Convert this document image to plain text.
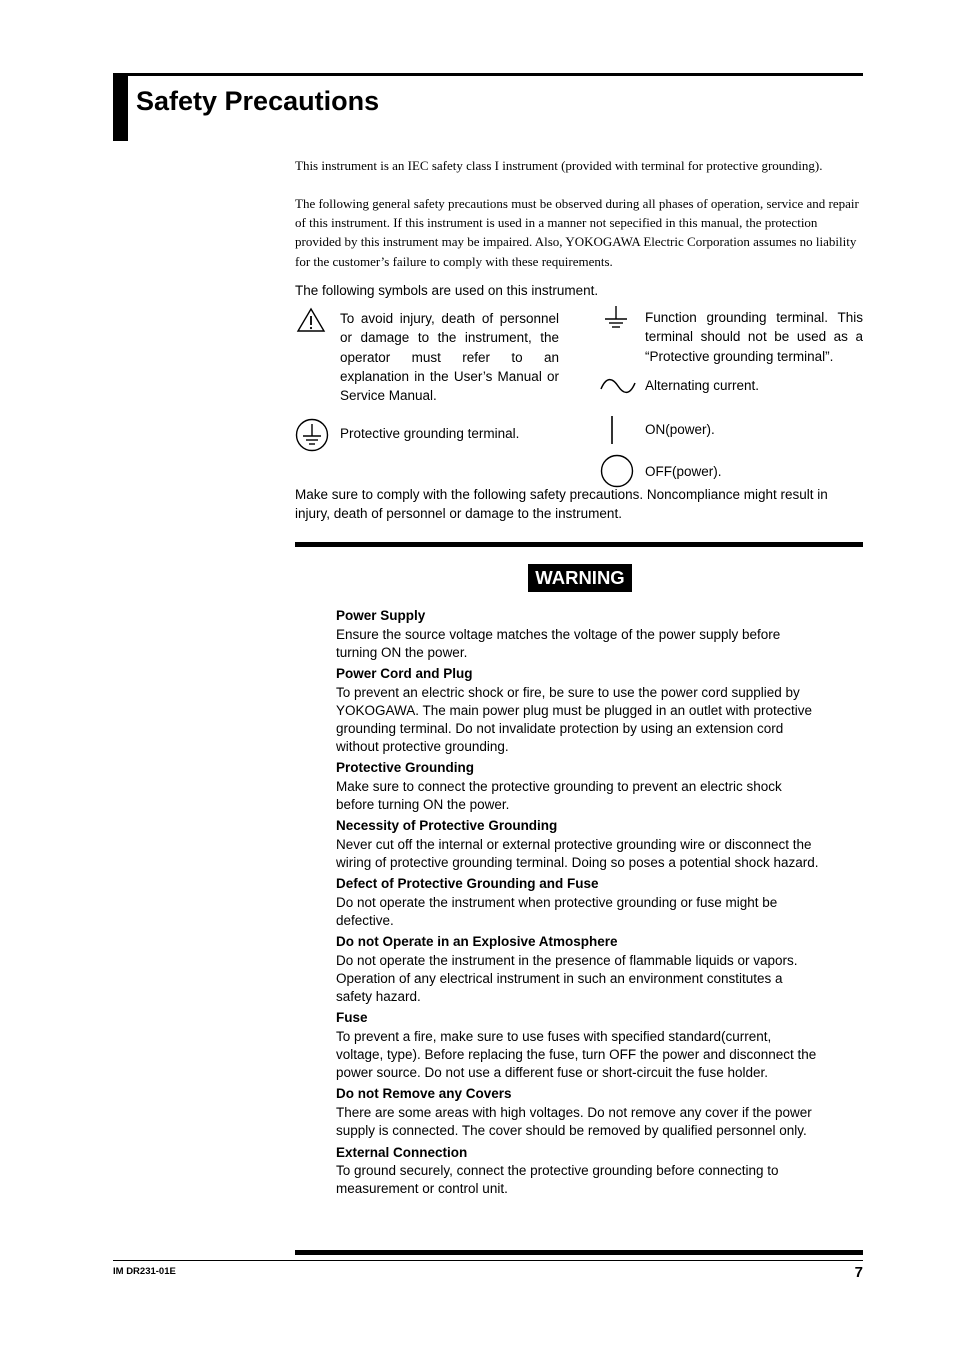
Safety Precautions
This instrument is an IEC safety class I instrument (provided with terminal for protective grounding).
The following general safety precautions must be observed during all phases of operation, service and repair of this instrument. If this instrument is used in a manner not sepecified in this manual, the protection provided by this instrument may be impaired. Also, YOKOGAWA Electric Corporation assumes no liability for the customer’s failure to comply with these requirements.
The following symbols are used on this instrument.
To avoid injury, death of personnel or damage to the instrument, the operator must refer to an explanation in the User’s Manual or Service Manual.
Protective grounding terminal.
Function grounding terminal. This terminal should not be used as a “Protective grounding terminal”.
Alternating current.
ON(power).
OFF(power).
Make sure to comply with the following safety precautions. Noncompliance might result in injury, death of personnel or damage to the instrument.
WARNING
Power Supply
Ensure the source voltage matches the voltage of the power supply before turning ON the power.
Power Cord and Plug
To prevent an electric shock or fire, be sure to use the power cord supplied by YOKOGAWA. The main power plug must be plugged in an outlet with protective grounding terminal. Do not invalidate protection by using an extension cord without protective grounding.
Protective Grounding
Make sure to connect the protective grounding to prevent an electric shock before turning ON the power.
Necessity of Protective Grounding
Never cut off the internal or external protective grounding wire or disconnect the wiring of protective grounding terminal. Doing so poses a potential shock hazard.
Defect of Protective Grounding and Fuse
Do not operate the instrument when protective grounding or fuse might be defective.
Do not Operate in an Explosive Atmosphere
Do not operate the instrument in the presence of flammable liquids or vapors. Operation of any electrical instrument in such an environment constitutes a safety hazard.
Fuse
To prevent a fire, make sure to use fuses with specified standard(current, voltage, type). Before replacing the fuse, turn OFF the power and disconnect the power source. Do not use a different fuse or short-circuit the fuse holder.
Do not Remove any Covers
There are some areas with high voltages. Do not remove any cover if the power supply is connected. The cover should be removed by qualified personnel only.
External Connection
To ground securely, connect the protective grounding before connecting to measurement or control unit.
IM DR231-01E	7
